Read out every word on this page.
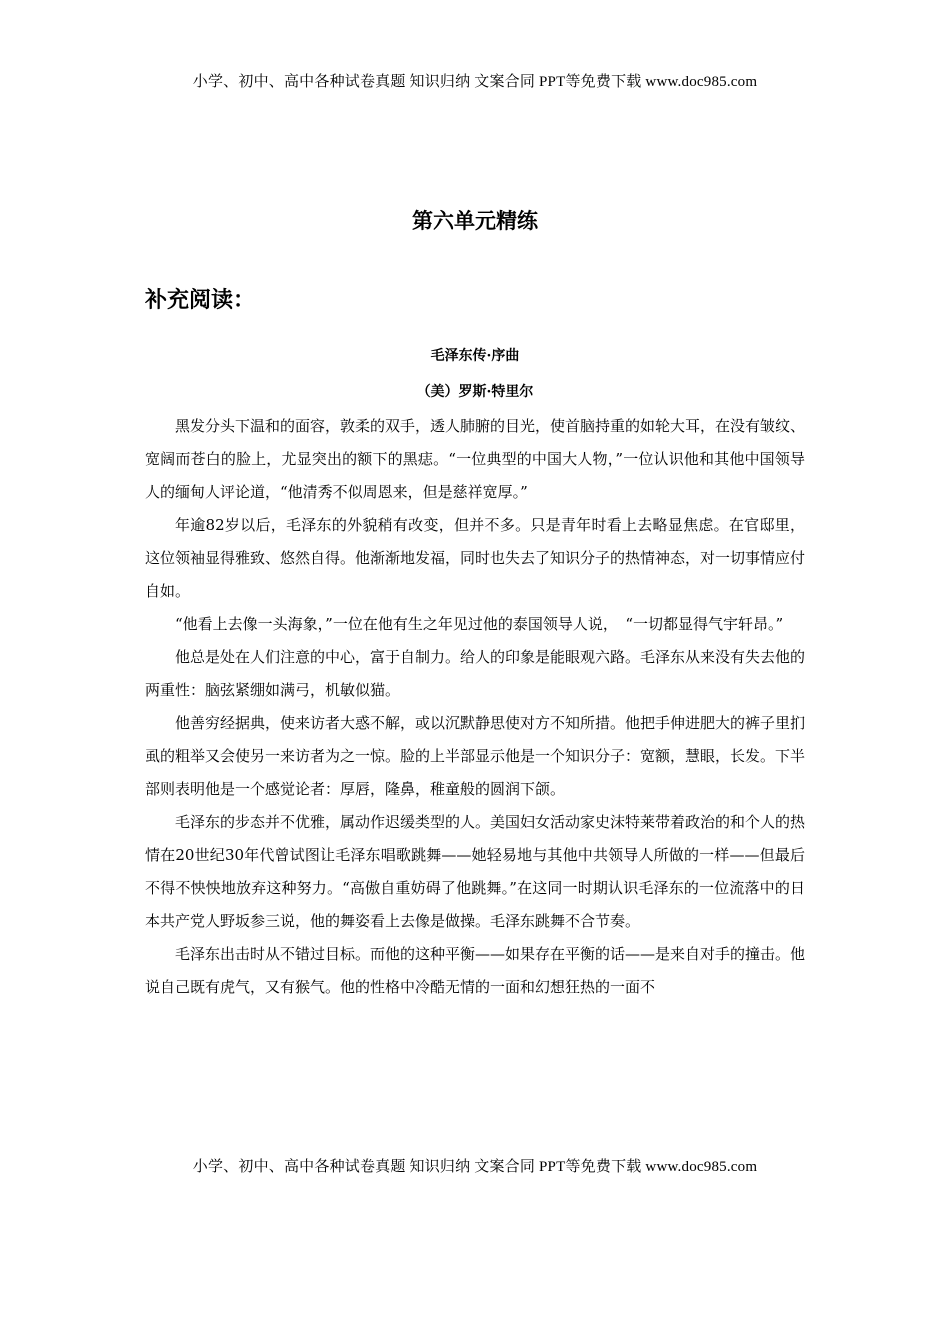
小学、初中、高中各种试卷真题 知识归纳 文案合同 PPT等免费下载 www.doc985.com
第六单元精练
补充阅读：
毛泽东传·序曲
（美）罗斯·特里尔

黑发分头下温和的面容，敦柔的双手，透人肺腑的目光，使首脑持重的如轮大耳，在没有皱纹、宽阔而苍白的脸上，尤显突出的额下的黑痣。“一位典型的中国大人物，”一位认识他和其他中国领导人的缅甸人评论道，“他清秀不似周恩来，但是慈祥宽厚。”

年逾82岁以后，毛泽东的外貌稍有改变，但并不多。只是青年时看上去略显焦虑。在官邸里，这位领袖显得雅致、悠然自得。他渐渐地发福，同时也失去了知识分子的热情神态，对一切事情应付自如。

“他看上去像一头海象，”一位在他有生之年见过他的泰国领导人说，　“一切都显得气宇轩昂。”

他总是处在人们注意的中心，富于自制力。给人的印象是能眼观六路。毛泽东从来没有失去他的两重性：脑弦紧绷如满弓，机敏似猫。

他善穷经据典，使来访者大惑不解，或以沉默静思使对方不知所措。他把手伸进肥大的裤子里扪虱的粗举又会使另一来访者为之一惊。脸的上半部显示他是一个知识分子：宽额，慧眼，长发。下半部则表明他是一个感觉论者：厚唇，隆鼻，稚童般的圆润下颌。

毛泽东的步态并不优雅，属动作迟缓类型的人。美国妇女活动家史沫特莱带着政治的和个人的热情在20世纪30年代曾试图让毛泽东唱歌跳舞——她轻易地与其他中共领导人所做的一样——但最后不得不怏怏地放弃这种努力。“高傲自重妨碍了他跳舞。”在这同一时期认识毛泽东的一位流落中的日本共产党人野坂参三说，他的舞姿看上去像是做操。毛泽东跳舞不合节奏。

毛泽东出击时从不错过目标。而他的这种平衡——如果存在平衡的话——是来自对手的撞击。他说自己既有虎气，又有猴气。他的性格中冷酷无情的一面和幻想狂热的一面不

小学、初中、高中各种试卷真题 知识归纳 文案合同 PPT等免费下载 www.doc985.com
